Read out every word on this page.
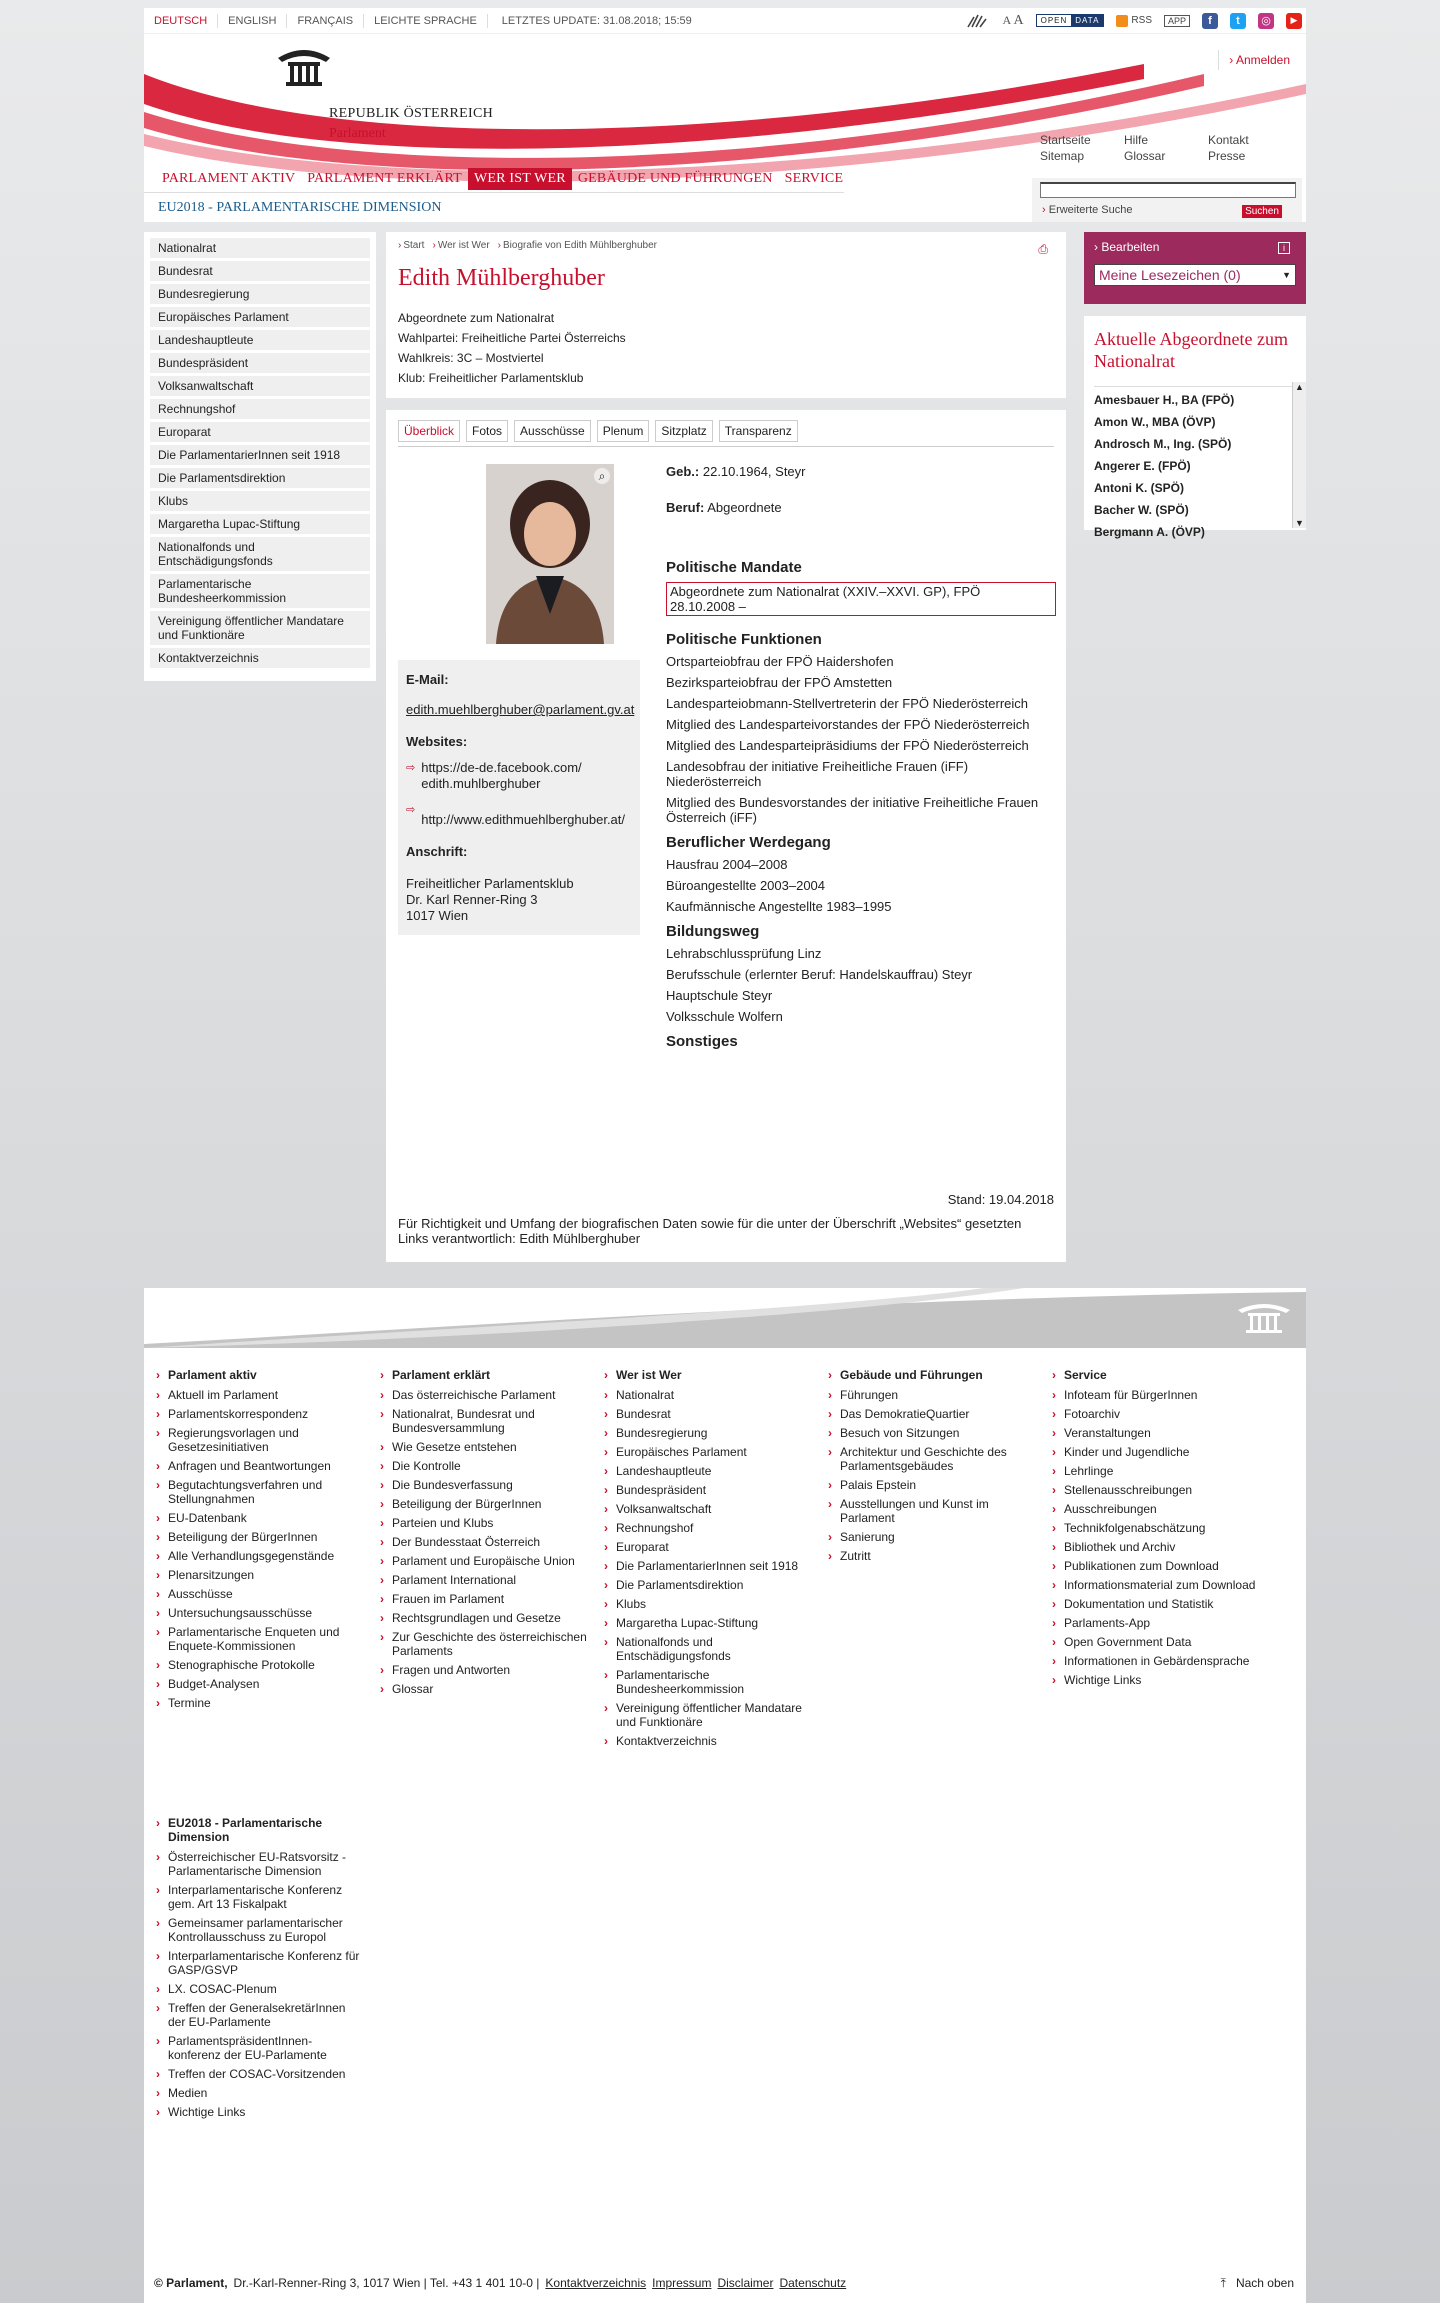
DEUTSCH	ENGLISH	FRANÇAIS	LEICHTE SPRACHE	LETZTES UPDATE: 31.08.2018; 15:59	A A	OPEN	DATA	RSS	APP	f	t	◎	▶
REPUBLIK ÖSTERREICH
Parlament
› Anmelden
Startseite
Sitemap
Hilfe
Glossar
Kontakt
Presse
PARLAMENT AKTIV PARLAMENT ERKLÄRT WER IST WER GEBÄUDE UND FÜHRUNGEN SERVICE
EU2018 - PARLAMENTARISCHE DIMENSION	› Erweiterte Suche	Suchen
Nationalrat
Bundesrat
Bundesregierung
Europäisches Parlament
Landeshauptleute
Bundespräsident
Volksanwaltschaft
Rechnungshof
Europarat
Die ParlamentarierInnen seit 1918
Die Parlamentsdirektion
Klubs
Margaretha Lupac-Stiftung
Nationalfonds und Entschädigungsfonds
Parlamentarische Bundesheerkommission
Vereinigung öffentlicher Mandatare und Funktionäre
Kontaktverzeichnis
› Start	› Wer ist Wer	› Biografie von Edith Mühlberghuber	⎙
Edith Mühlberghuber
Abgeordnete zum Nationalrat
Wahlpartei: Freiheitliche Partei Österreichs
Wahlkreis: 3C – Mostviertel
Klub: Freiheitlicher Parlamentsklub
Überblick	Fotos	Ausschüsse	Plenum	Sitzplatz	Transparenz
⌕
E-Mail:
edith.muehlberghuber@parlament.gv.at
Websites:
⇨ https://de-de.facebook.com/ edith.muhlberghuber
⇨
http://www.edithmuehlberghuber.at/
Anschrift:
Freiheitlicher Parlamentsklub
Dr. Karl Renner-Ring 3
1017 Wien
Geb.: 22.10.1964, Steyr
Beruf: Abgeordnete
Politische Mandate
Abgeordnete zum Nationalrat (XXIV.–XXVI. GP), FPÖ
28.10.2008 –
Politische Funktionen
Ortsparteiobfrau der FPÖ Haidershofen
Bezirksparteiobfrau der FPÖ Amstetten
Landesparteiobmann-Stellvertreterin der FPÖ Niederösterreich
Mitglied des Landesparteivorstandes der FPÖ Niederösterreich
Mitglied des Landesparteipräsidiums der FPÖ Niederösterreich
Landesobfrau der initiative Freiheitliche Frauen (iFF) Niederösterreich
Mitglied des Bundesvorstandes der initiative Freiheitliche Frauen Österreich (iFF)
Beruflicher Werdegang
Hausfrau 2004–2008
Büroangestellte 2003–2004
Kaufmännische Angestellte 1983–1995
Bildungsweg
Lehrabschlussprüfung Linz
Berufsschule (erlernter Beruf: Handelskauffrau) Steyr
Hauptschule Steyr
Volksschule Wolfern
Sonstiges
Stand: 19.04.2018
Für Richtigkeit und Umfang der biografischen Daten sowie für die unter der Überschrift „Websites“ gesetzten Links verantwortlich: Edith Mühlberghuber
› Bearbeiten	i
Meine Lesezeichen (0) ▼
Aktuelle Abgeordnete zum Nationalrat
Amesbauer H., BA (FPÖ)
Amon W., MBA (ÖVP)
Androsch M., Ing. (SPÖ)
Angerer E. (FPÖ)
Antoni K. (SPÖ)
Bacher W. (SPÖ)
Bergmann A. (ÖVP)
▲
▼
› Parlament aktiv
› Aktuell im Parlament
› Parlamentskorrespondenz
› Regierungsvorlagen und Gesetzesinitiativen
› Anfragen und Beantwortungen
› Begutachtungsverfahren und Stellungnahmen
› EU-Datenbank
› Beteiligung der BürgerInnen
› Alle Verhandlungsgegenstände
› Plenarsitzungen
› Ausschüsse
› Untersuchungsausschüsse
› Parlamentarische Enqueten und Enquete-Kommissionen
› Stenographische Protokolle
› Budget-Analysen
› Termine
› Parlament erklärt
› Das österreichische Parlament
› Nationalrat, Bundesrat und Bundesversammlung
› Wie Gesetze entstehen
› Die Kontrolle
› Die Bundesverfassung
› Beteiligung der BürgerInnen
› Parteien und Klubs
› Der Bundesstaat Österreich
› Parlament und Europäische Union
› Parlament International
› Frauen im Parlament
› Rechtsgrundlagen und Gesetze
› Zur Geschichte des österreichischen Parlaments
› Fragen und Antworten
› Glossar
› Wer ist Wer
› Nationalrat
› Bundesrat
› Bundesregierung
› Europäisches Parlament
› Landeshauptleute
› Bundespräsident
› Volksanwaltschaft
› Rechnungshof
› Europarat
› Die ParlamentarierInnen seit 1918
› Die Parlamentsdirektion
› Klubs
› Margaretha Lupac-Stiftung
› Nationalfonds und Entschädigungsfonds
› Parlamentarische Bundesheerkommission
› Vereinigung öffentlicher Mandatare und Funktionäre
› Kontaktverzeichnis
› Gebäude und Führungen
› Führungen
› Das DemokratieQuartier
› Besuch von Sitzungen
› Architektur und Geschichte des Parlamentsgebäudes
› Palais Epstein
› Ausstellungen und Kunst im Parlament
› Sanierung
› Zutritt
› Service
› Infoteam für BürgerInnen
› Fotoarchiv
› Veranstaltungen
› Kinder und Jugendliche
› Lehrlinge
› Stellenausschreibungen
› Ausschreibungen
› Technikfolgenabschätzung
› Bibliothek und Archiv
› Publikationen zum Download
› Informationsmaterial zum Download
› Dokumentation und Statistik
› Parlaments-App
› Open Government Data
› Informationen in Gebärdensprache
› Wichtige Links
› EU2018 - Parlamentarische Dimension
› Österreichischer EU-Ratsvorsitz - Parlamentarische Dimension
› Interparlamentarische Konferenz gem. Art 13 Fiskalpakt
› Gemeinsamer parlamentarischer Kontrollausschuss zu Europol
› Interparlamentarische Konferenz für GASP/GSVP
› LX. COSAC-Plenum
› Treffen der GeneralsekretärInnen der EU-Parlamente
› ParlamentspräsidentInnen-konferenz der EU-Parlamente
› Treffen der COSAC-Vorsitzenden
› Medien
› Wichtige Links
© Parlament, Dr.-Karl-Renner-Ring 3, 1017 Wien | Tel. +43 1 401 10-0 | Kontaktverzeichnis Impressum Disclaimer Datenschutz	⤒ Nach oben
